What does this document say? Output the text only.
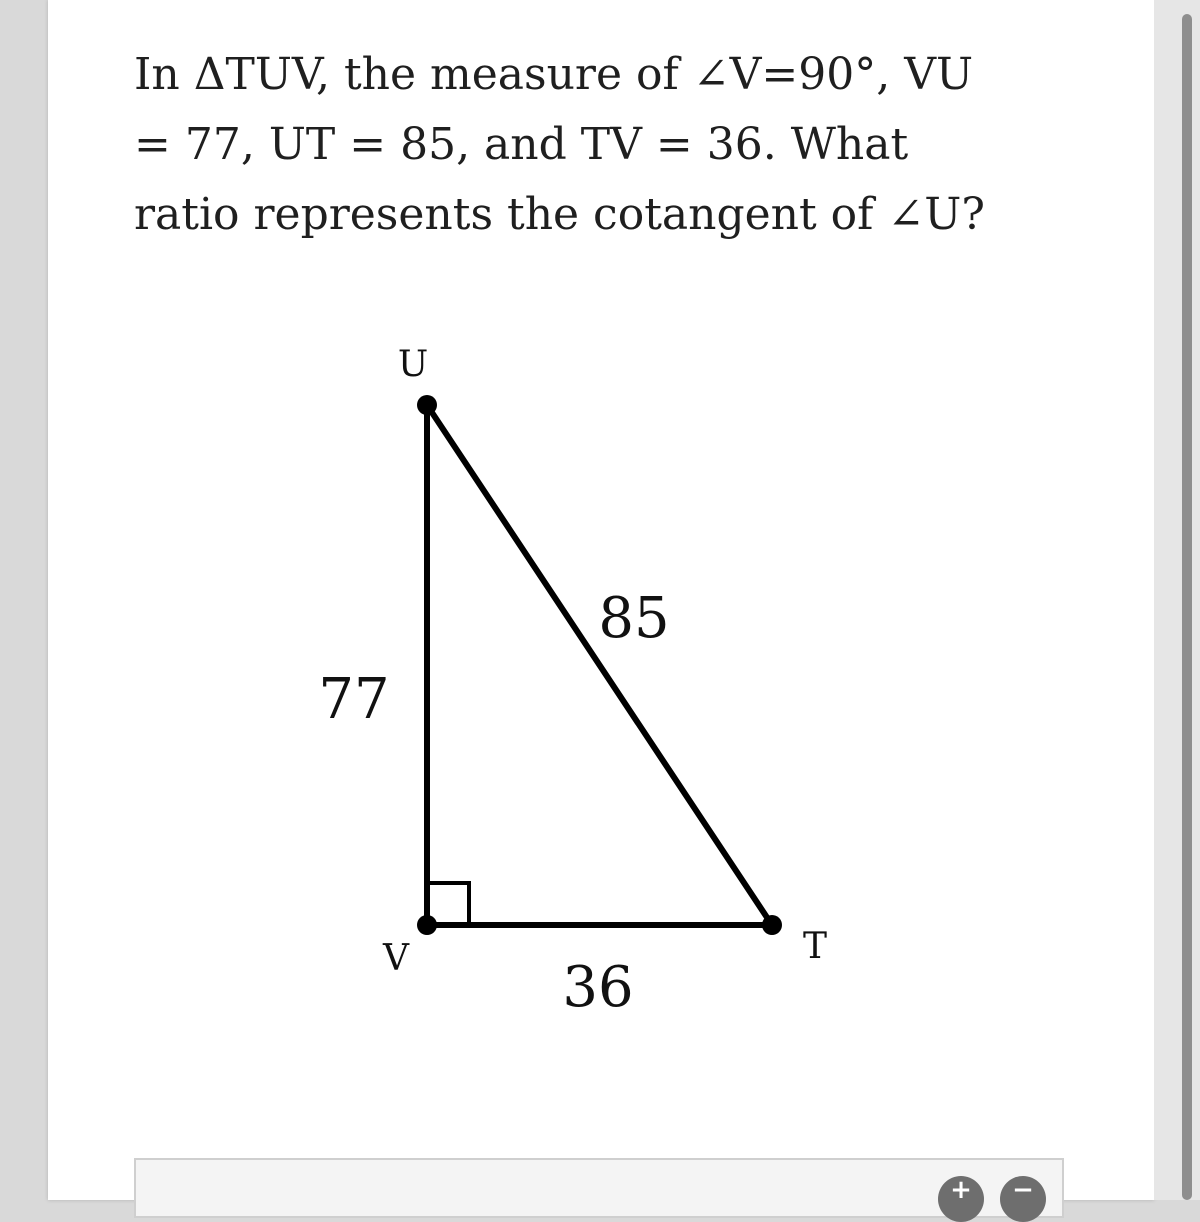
In ΔTUV, the measure of ∠V=90°, VU = 77, UT = 85, and TV = 36. What ratio represents the cotangent of ∠U?

U
V	T
77
85
36
+	−
